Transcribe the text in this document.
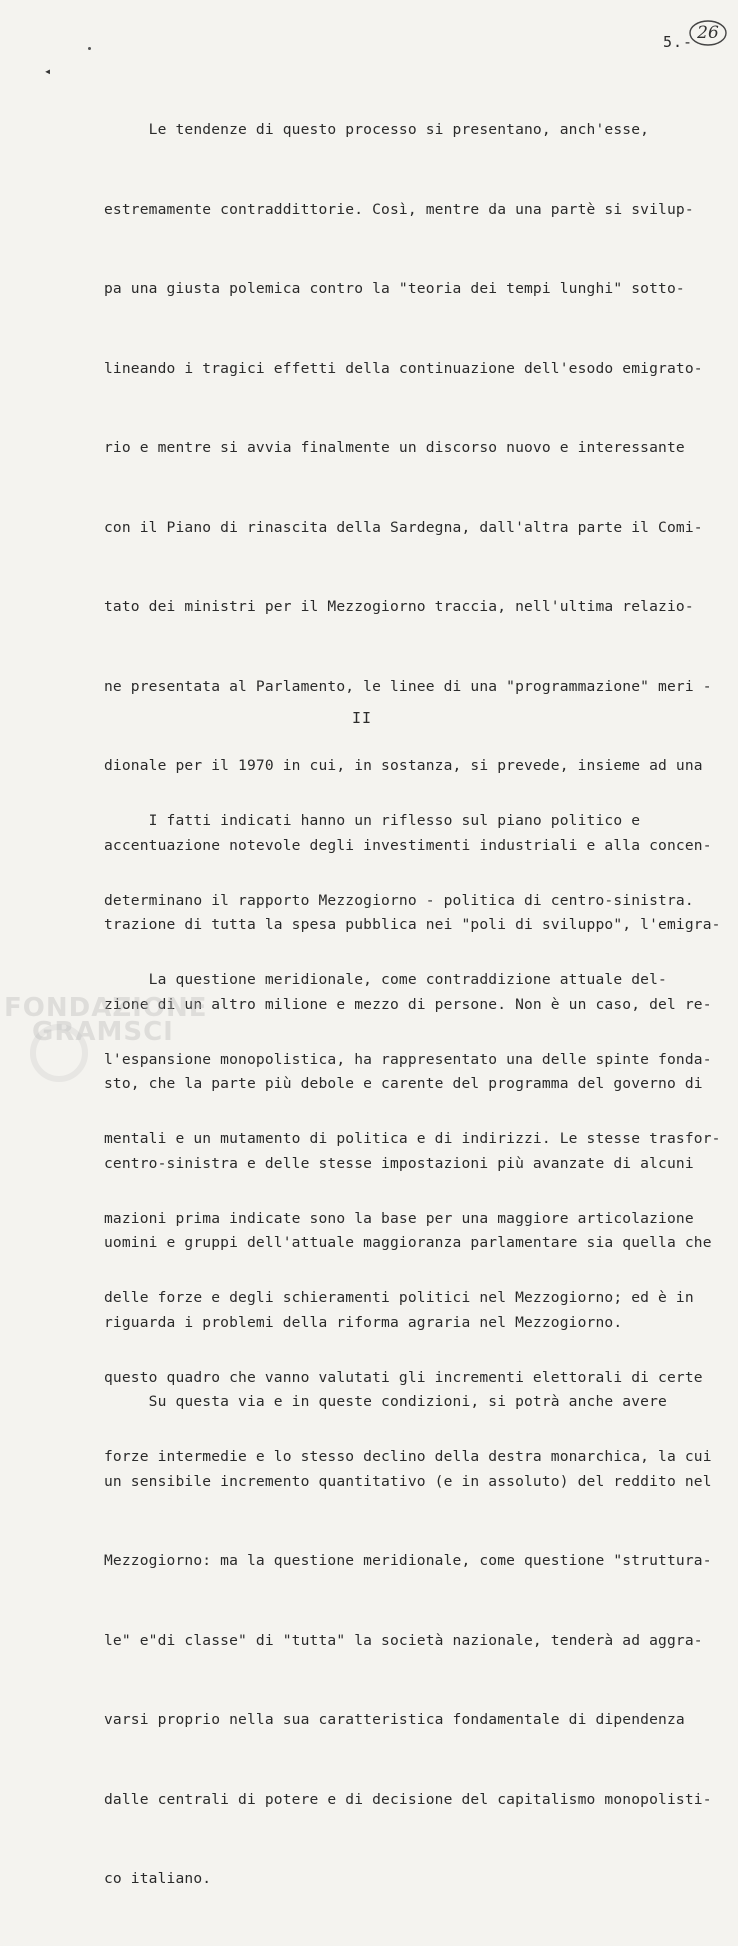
◂
5.- 26

Le tendenze di questo processo si presentano, anch'esse,

estremamente contraddittorie. Così, mentre da una partè si svilup-

pa una giusta polemica contro la "teoria dei tempi lunghi" sotto-

lineando i tragici effetti della continuazione dell'esodo emigrato-

rio e mentre si avvia finalmente un discorso nuovo e interessante

con il Piano di rinascita della Sardegna, dall'altra parte il Comi-

tato dei ministri per il Mezzogiorno traccia, nell'ultima relazio-

ne presentata al Parlamento, le linee di una "programmazione" meri -

dionale per il 1970 in cui, in sostanza, si prevede, insieme ad una

accentuazione notevole degli investimenti industriali e alla concen-

trazione di tutta la spesa pubblica nei "poli di sviluppo", l'emigra-

zione di un altro milione e mezzo di persone. Non è un caso, del re-

sto, che la parte più debole e carente del programma del governo di

centro-sinistra e delle stesse impostazioni più avanzate di alcuni

uomini e gruppi dell'attuale maggioranza parlamentare sia quella che

riguarda i problemi della riforma agraria nel Mezzogiorno.

Su questa via e in queste condizioni, si potrà anche avere

un sensibile incremento quantitativo (e in assoluto) del reddito nel

Mezzogiorno: ma la questione meridionale, come questione "struttura-

le" e"di classe" di "tutta" la società nazionale, tenderà ad aggra-

varsi proprio nella sua caratteristica fondamentale di dipendenza

dalle centrali di potere e di decisione del capitalismo monopolisti-

co italiano.

II

I fatti indicati hanno un riflesso sul piano politico e

determinano il rapporto Mezzogiorno - politica di centro-sinistra.

La questione meridionale, come contraddizione attuale del-

l'espansione monopolistica, ha rappresentato una delle spinte fonda-

mentali e un mutamento di politica e di indirizzi. Le stesse trasfor-

mazioni prima indicate sono la base per una maggiore articolazione

delle forze e degli schieramenti politici nel Mezzogiorno; ed è in

questo quadro che vanno valutati gli incrementi elettorali di certe

forze intermedie e lo stesso declino della destra monarchica, la cui

FONDAZIONE
GRAMSCI
